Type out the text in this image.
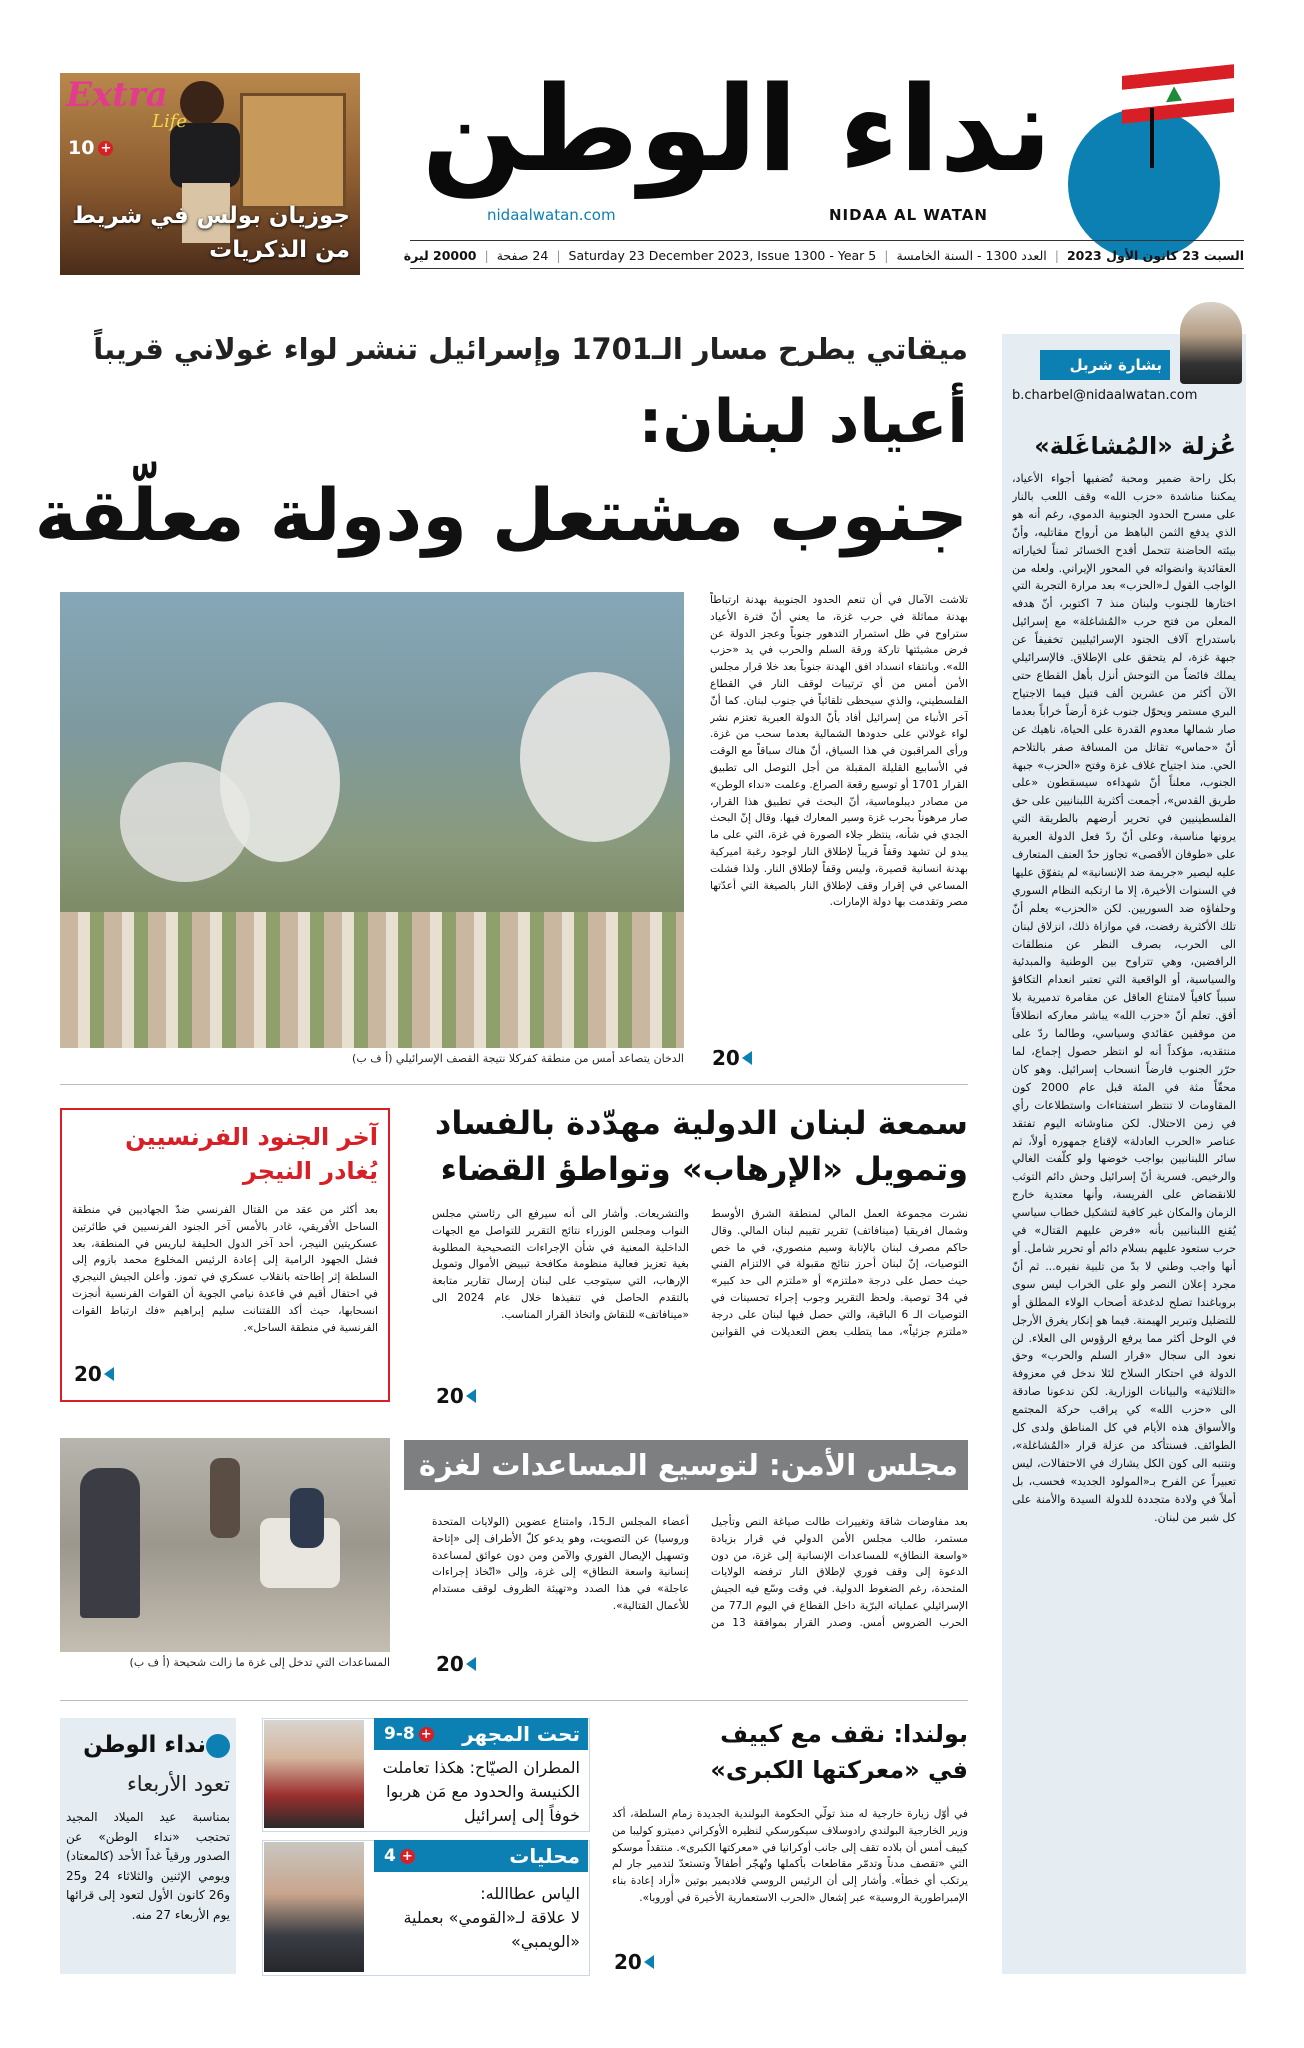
Extra
Life
10 +
جوزيان بولس في شريط من الذكريات
نداء الوطن
nidaalwatan.com	NIDAA AL WATAN
السبت 23 كانون الأول 2023
|
العدد 1300 - السنة الخامسة
|
Saturday 23 December 2023, Issue 1300 - Year 5
|
24 صفحة
|
20000 ليرة
بشارة شربل
b.charbel@nidaalwatan.com
عُزلة «المُشاغَلة»
بكل راحة ضمير ومحبة تُضفيها أجواء الأعياد، يمكننا مناشدة «حزب الله» وقف اللعب بالنار على مسرح الحدود الجنوبية الدموي، رغم أنه هو الذي يدفع الثمن الباهظ من أرواح مقاتليه، وأنّ بيئته الحاضنة تتحمل أفدح الخسائر ثمناً لخياراته العقائدية وانضوائه في المحور الإيراني. ولعله من الواجب القول لـ«الحزب» بعد مرارة التجربة التي اختارها للجنوب ولبنان منذ 7 اكتوبر، أنّ هدفه المعلن من فتح حرب «المُشاغلة» مع إسرائيل باستدراج آلاف الجنود الإسرائيليين تخفيفاً عن جبهة غزة، لم يتحقق على الإطلاق. فالإسرائيلي يملك فائضاً من التوحش أنزل بأهل القطاع حتى الآن أكثر من عشرين ألف قتيل فيما الاجتياح البري مستمر ويحوّل جنوب غزة أرضاً خراباً بعدما صار شمالها معدوم القدرة على الحياة، ناهيك عن أنّ «حماس» تقاتل من المسافة صفر بالتلاحم الحي. منذ اجتياح غلاف غزة وفتح «الحزب» جبهة الجنوب، معلناً أنّ شهداءه سيسقطون «على طريق القدس»، أجمعت أكثرية اللبنانيين على حق الفلسطينيين في تحرير أرضهم بالطريقة التي يرونها مناسبة، وعلى أنّ ردّ فعل الدولة العبرية على «طوفان الأقصى» تجاوز حدّ العنف المتعارف عليه ليصير «جريمة ضد الإنسانية» لم يتفوّق عليها في السنوات الأخيرة، إلا ما ارتكبه النظام السوري وحلفاؤه ضد السوريين. لكن «الحزب» يعلم أنّ تلك الأكثرية رفضت، في موازاة ذلك، انزلاق لبنان الى الحرب، بصرف النظر عن منطلقات الرافضين، وهي تتراوح بين الوطنية والمبدئية والسياسية، أو الواقعية التي تعتبر انعدام التكافؤ سبباً كافياً لامتناع العاقل عن مقامرة تدميرية بلا أفق. تعلم أنّ «حزب الله» يباشر معاركه انطلاقاً من موقفين عقائدي وسياسي، وطالما ردّ على منتقديه، مؤكداً أنه لو انتظر حصول إجماع، لما حرّر الجنوب فارضاً انسحاب إسرائيل. وهو كان محقّاً مثة في المئة قبل عام 2000 كون المقاومات لا تنتظر استفتاءات واستطلاعات رأي في زمن الاحتلال. لكن مناوشاته اليوم تفتقد عناصر «الحرب العادلة» لإقناع جمهوره أولاً، ثم سائر اللبنانيين بواجب خوضها ولو كلّفت الغالي والرخيص. فسرية أنّ إسرائيل وحش دائم التوثب للانقضاض على الفريسة، وأنها معتدية خارج الزمان والمكان غير كافية لتشكيل خطاب سياسي يُقنع اللبنانيين بأنه «فرض عليهم القتال» في حرب ستعود عليهم بسلام دائم أو تحرير شامل. أو أنها واجب وطني لا بدّ من تلبية نفيره... ثم أنّ مجرد إعلان النصر ولو على الخراب ليس سوى بروباغندا تصلح لدغدغة أصحاب الولاء المطلق أو للتضليل وتبرير الهيمنة. فيما هو إنكار يغرق الأرجل في الوحل أكثر مما يرفع الرؤوس الى العلاء. لن نعود الى سجال «قرار السلم والحرب» وحق الدولة في احتكار السلاح لئلا ندخل في معزوفة «الثلاثية» والبيانات الوزارية. لكن ندعونا صادقة الى «حزب الله» كي يراقب حركة المجتمع والأسواق هذه الأيام في كل المناطق ولدى كل الطوائف. فسنتأكد من عزلة قرار «المُشاغلة»، ونتنبه الى كون الكل يشارك في الاحتفالات، ليس تعبيراً عن الفرح بـ«المولود الجديد» فحسب، بل أملاً في ولادة متجددة للدولة السيدة والأمنة على كل شبر من لبنان.
ميقاتي يطرح مسار الـ1701 وإسرائيل تنشر لواء غولاني قريباً
أعياد لبنان:
جنوب مشتعل ودولة معلّقة
الدخان يتصاعد أمس من منطقة كفركلا نتيجة القصف الإسرائيلي (أ ف ب)
تلاشت الآمال في أن تنعم الحدود الجنوبية بهدنة ارتباطاً بهدنة مماثلة في حرب غزة، ما يعني أنّ فترة الأعياد ستراوح في ظل استمرار التدهور جنوباً وعجز الدولة عن فرض مشيئتها تاركة ورقة السلم والحرب في يد «حزب الله». وبانتفاء انسداد افق الهدنة جنوباً بعد خلا قرار مجلس الأمن أمس من أي ترتيبات لوقف النار في القطاع الفلسطيني، والذي سيحظى تلقائياً في جنوب لبنان. كما أنّ آخر الأنباء من إسرائيل أفاد بأنّ الدولة العبرية تعتزم نشر لواء غولاني على حدودها الشمالية بعدما سحب من غزة. ورأى المراقبون في هذا السياق، أنّ هناك سباقاً مع الوقت في الأسابيع القليلة المقبلة من أجل التوصل الى تطبيق القرار 1701 أو توسيع رقعة الصراع. وعلمت «نداء الوطن» من مصادر ديبلوماسية، أنّ البحث في تطبيق هذا القرار، صار مرهوناً بحرب غزة وسير المعارك فيها. وقال إنّ البحث الجدي في شأنه، ينتظر جلاء الصورة في غزة، التي على ما يبدو لن تشهد وقفاً قريباً لإطلاق النار لوجود رغبة اميركية بهدنة انسانية قصيرة، وليس وقفاً لإطلاق النار. ولذا فشلت المساعي في إقرار وقف لإطلاق النار بالصيغة التي أعدّتها مصر وتقدمت بها دولة الإمارات.
20
سمعة لبنان الدولية مهدّدة بالفساد
وتمويل «الإرهاب» وتواطؤ القضاء
نشرت مجموعة العمل المالي لمنطقة الشرق الأوسط وشمال افريقيا (مينافاتف) تقرير تقييم لبنان المالي. وقال حاكم مصرف لبنان بالإنابة وسيم منصوري، في ما خص التوصيات، إنّ لبنان أحرز نتائج مقبولة في الالتزام الفني حيث حصل على درجة «ملتزم» أو «ملتزم الى حد كبير» في 34 توصية. ولحظ التقرير وجوب إجراء تحسينات في التوصيات الـ 6 الباقية، والتي حصل فيها لبنان على درجة «ملتزم جزئياً»، مما يتطلب بعض التعديلات في القوانين والتشريعات. وأشار الى أنه سيرفع الى رئاستي مجلس النواب ومجلس الوزراء نتائج التقرير للتواصل مع الجهات الداخلية المعنية في شأن الإجراءات التصحيحية المطلوبة بغية تعزيز فعالية منظومة مكافحة تبييض الأموال وتمويل الإرهاب، التي سيتوجب على لبنان إرسال تقارير متابعة بالتقدم الحاصل في تنفيذها خلال عام 2024 الى «مينافاتف» للنقاش واتخاذ القرار المناسب.
20
آخر الجنود الفرنسيين
يُغادر النيجر
بعد أكثر من عقد من القتال الفرنسي ضدّ الجهاديين في منطقة الساحل الأفريقي، غادر بالأمس آخر الجنود الفرنسيين في طائرتين عسكريتين النيجر، أحد آخر الدول الحليفة لباريس في المنطقة، بعد فشل الجهود الرامية إلى إعادة الرئيس المخلوع محمد بازوم إلى السلطة إثر إطاحته بانقلاب عسكري في تموز. وأعلن الجيش النيجري في احتفال أقيم في قاعدة نيامي الجوية أن القوات الفرنسية أنجزت انسحابها، حيث أكد اللفتنانت سليم إبراهيم «فك ارتباط القوات الفرنسية في منطقة الساحل».
20
مجلس الأمن: لتوسيع المساعدات لغزة
المساعدات التي تدخل إلى غزة ما زالت شحيحة (أ ف ب)
بعد مفاوضات شاقة وتغييرات طالت صياغة النص وتأجيل مستمر، طالب مجلس الأمن الدولي في قرار بزيادة «واسعة النطاق» للمساعدات الإنسانية إلى غزة، من دون الدعوة إلى وقف فوري لإطلاق النار ترفضه الولايات المتحدة، رغم الضغوط الدولية. في وقت وسّع فيه الجيش الإسرائيلي عملياته البرّية داخل القطاع في اليوم الـ77 من الحرب الضروس أمس. وصدر القرار بموافقة 13 من أعضاء المجلس الـ15، وامتناع عضوين (الولايات المتحدة وروسيا) عن التصويت، وهو يدعو كلّ الأطراف إلى «إتاحة وتسهيل الإيصال الفوري والآمن ومن دون عوائق لمساعدة إنسانية واسعة النطاق» إلى غزة، وإلى «اتّخاذ إجراءات عاجلة» في هذا الصدد و«تهيئة الظروف لوقف مستدام للأعمال القتالية».
20
بولندا: نقف مع كييف
في «معركتها الكبرى»
في أوّل زيارة خارجية له منذ تولّي الحكومة البولندية الجديدة زمام السلطة، أكد وزير الخارجية البولندي رادوسلاف سيكورسكي لنظيره الأوكراني دميترو كوليبا من كييف أمس أن بلاده تقف إلى جانب أوكرانيا في «معركتها الكبرى». منتقداً موسكو التي «تقصف مدناً وتدمّر مقاطعات بأكملها وتُهجّر أطفالاً وتستعدّ لتدمير جار لم يرتكب أي خطأ». وأشار إلى أن الرئيس الروسي فلاديمير بوتين «أراد إعادة بناء الإمبراطورية الروسية» عبر إشعال «الحرب الاستعمارية الأخيرة في أوروبا».
20
تحت المجهر
9-8 +
المطران الصيّاح: هكذا تعاملت الكنيسة والحدود مع مَن هربوا خوفاً إلى إسرائيل
محليات
4 +
الياس عطاالله:
لا علاقة لـ«القومي» بعملية «الويمبي»
نداء الوطن
تعود الأربعاء
بمناسبة عيد الميلاد المجيد تحتجب «نداء الوطن» عن الصدور ورقياً غداً الأحد (كالمعتاد) ويومي الإثنين والثلاثاء 24 و25 و26 كانون الأول لتعود إلى قرائها يوم الأربعاء 27 منه.
